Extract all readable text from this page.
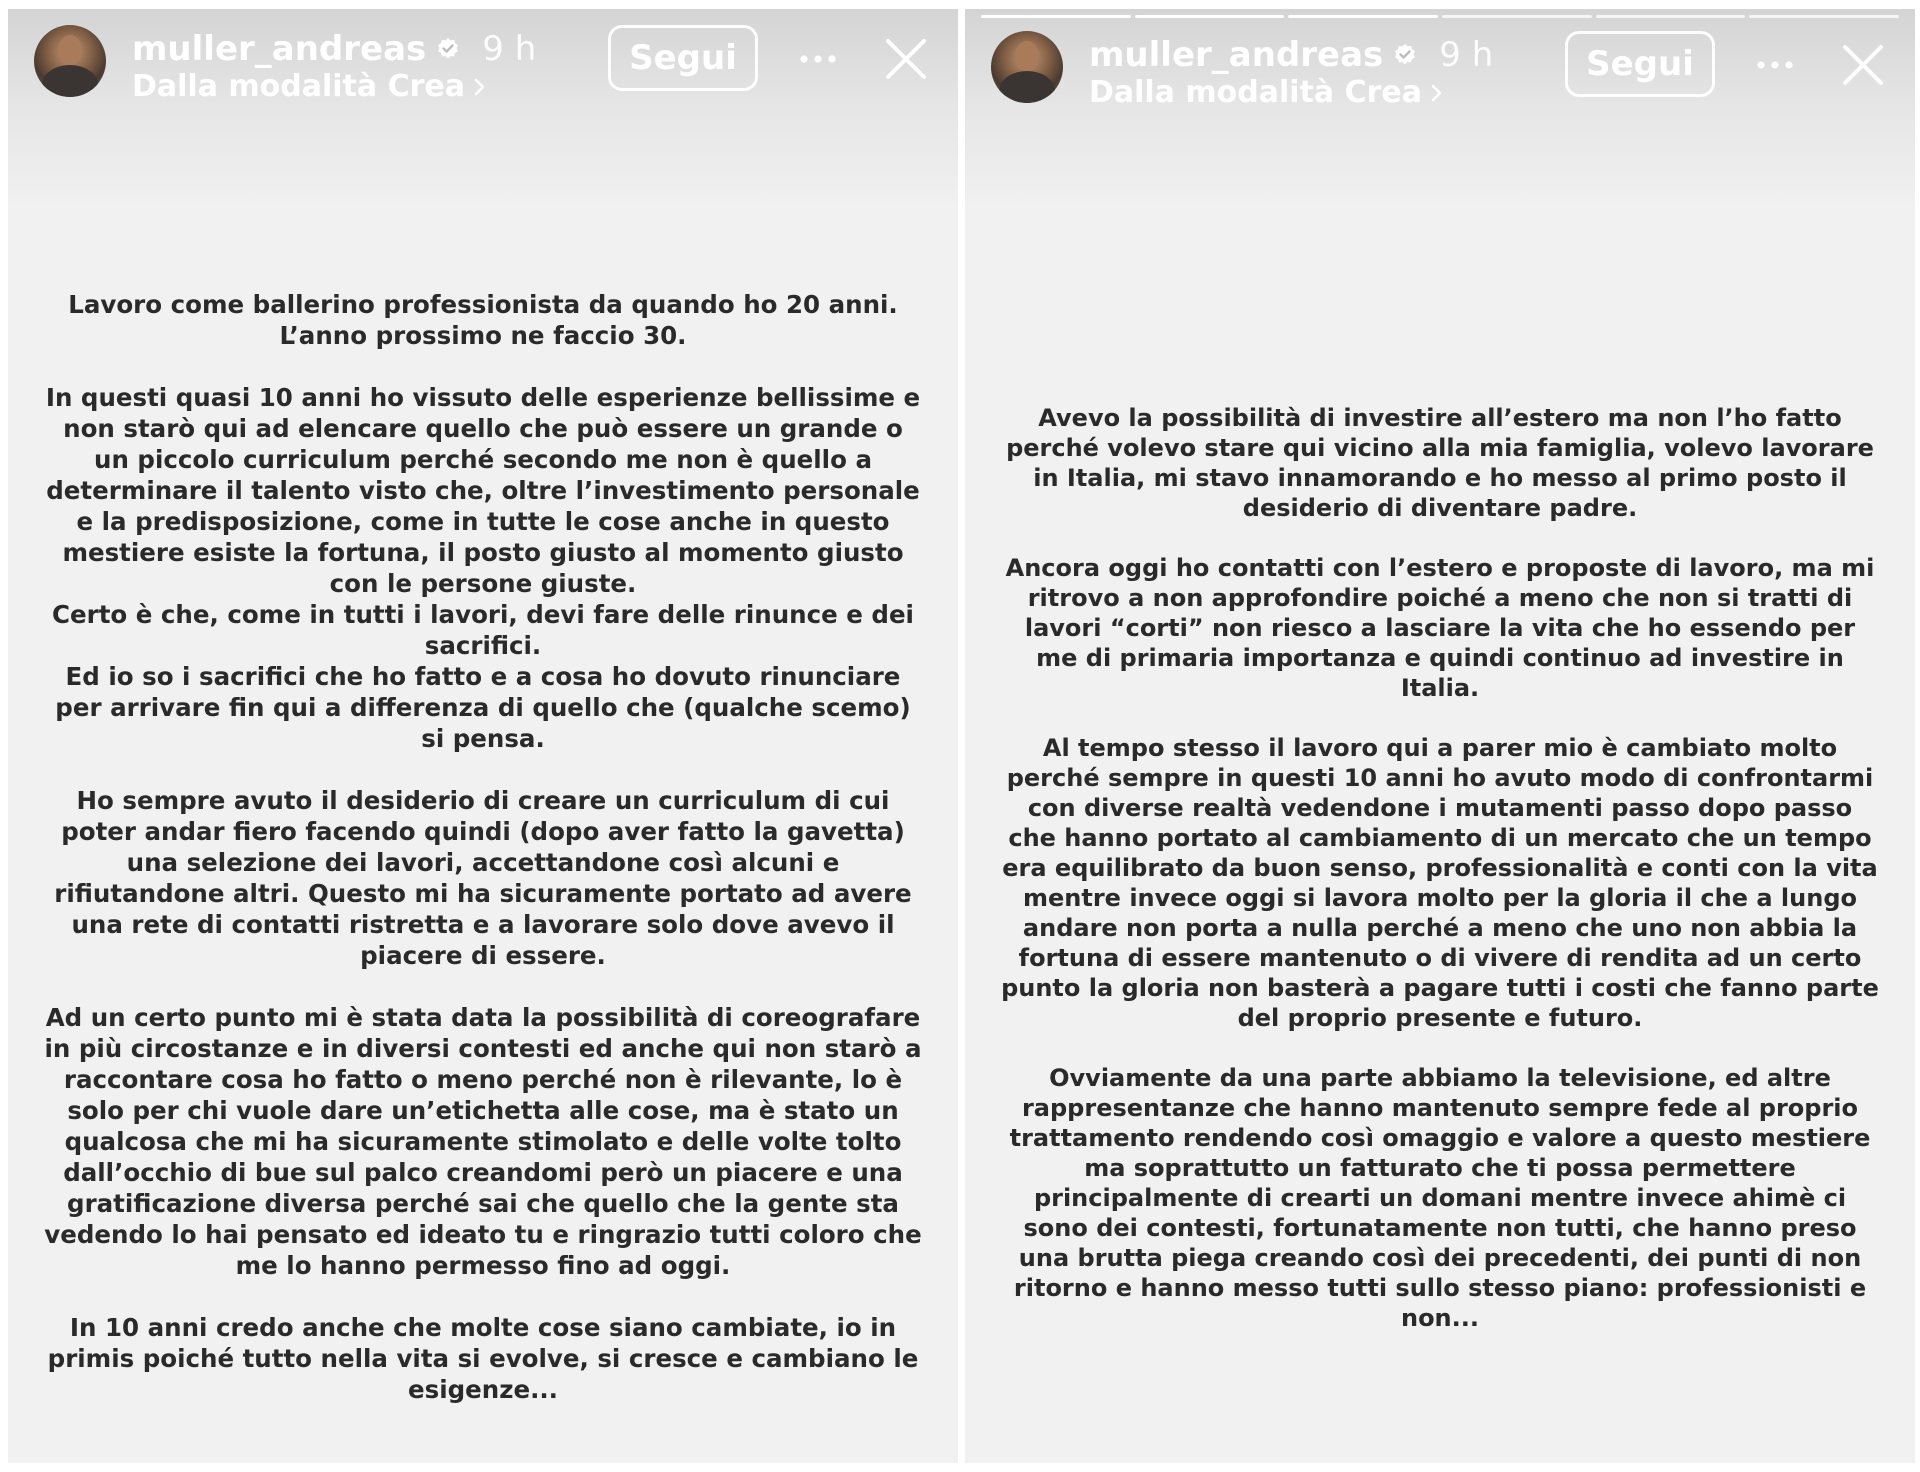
muller_andreas 9 h
Dalla modalità Crea
Segui

Lavoro come ballerino professionista da quando ho 20 anni.
L’anno prossimo ne faccio 30.

In questi quasi 10 anni ho vissuto delle esperienze bellissime e non starò qui ad elencare quello che può essere un grande o un piccolo curriculum perché secondo me non è quello a determinare il talento visto che, oltre l’investimento personale e la predisposizione, come in tutte le cose anche in questo mestiere esiste la fortuna, il posto giusto al momento giusto con le persone giuste.
Certo è che, come in tutti i lavori, devi fare delle rinunce e dei sacrifici.
Ed io so i sacrifici che ho fatto e a cosa ho dovuto rinunciare per arrivare fin qui a differenza di quello che (qualche scemo) si pensa.

Ho sempre avuto il desiderio di creare un curriculum di cui poter andar fiero facendo quindi (dopo aver fatto la gavetta) una selezione dei lavori, accettandone così alcuni e rifiutandone altri. Questo mi ha sicuramente portato ad avere una rete di contatti ristretta e a lavorare solo dove avevo il piacere di essere.

Ad un certo punto mi è stata data la possibilità di coreografare in più circostanze e in diversi contesti ed anche qui non starò a raccontare cosa ho fatto o meno perché non è rilevante, lo è solo per chi vuole dare un’etichetta alle cose, ma è stato un qualcosa che mi ha sicuramente stimolato e delle volte tolto dall’occhio di bue sul palco creandomi però un piacere e una gratificazione diversa perché sai che quello che la gente sta vedendo lo hai pensato ed ideato tu e ringrazio tutti coloro che me lo hanno permesso fino ad oggi.

In 10 anni credo anche che molte cose siano cambiate, io in primis poiché tutto nella vita si evolve, si cresce e cambiano le esigenze...

muller_andreas 9 h
Dalla modalità Crea
Segui

Avevo la possibilità di investire all’estero ma non l’ho fatto perché volevo stare qui vicino alla mia famiglia, volevo lavorare in Italia, mi stavo innamorando e ho messo al primo posto il desiderio di diventare padre.

Ancora oggi ho contatti con l’estero e proposte di lavoro, ma mi ritrovo a non approfondire poiché a meno che non si tratti di lavori “corti” non riesco a lasciare la vita che ho essendo per me di primaria importanza e quindi continuo ad investire in Italia.

Al tempo stesso il lavoro qui a parer mio è cambiato molto perché sempre in questi 10 anni ho avuto modo di confrontarmi con diverse realtà vedendone i mutamenti passo dopo passo che hanno portato al cambiamento di un mercato che un tempo era equilibrato da buon senso, professionalità e conti con la vita mentre invece oggi si lavora molto per la gloria il che a lungo andare non porta a nulla perché a meno che uno non abbia la fortuna di essere mantenuto o di vivere di rendita ad un certo punto la gloria non basterà a pagare tutti i costi che fanno parte del proprio presente e futuro.

Ovviamente da una parte abbiamo la televisione, ed altre rappresentanze che hanno mantenuto sempre fede al proprio trattamento rendendo così omaggio e valore a questo mestiere ma soprattutto un fatturato che ti possa permettere principalmente di crearti un domani mentre invece ahimè ci sono dei contesti, fortunatamente non tutti, che hanno preso una brutta piega creando così dei precedenti, dei punti di non ritorno e hanno messo tutti sullo stesso piano: professionisti e non...
